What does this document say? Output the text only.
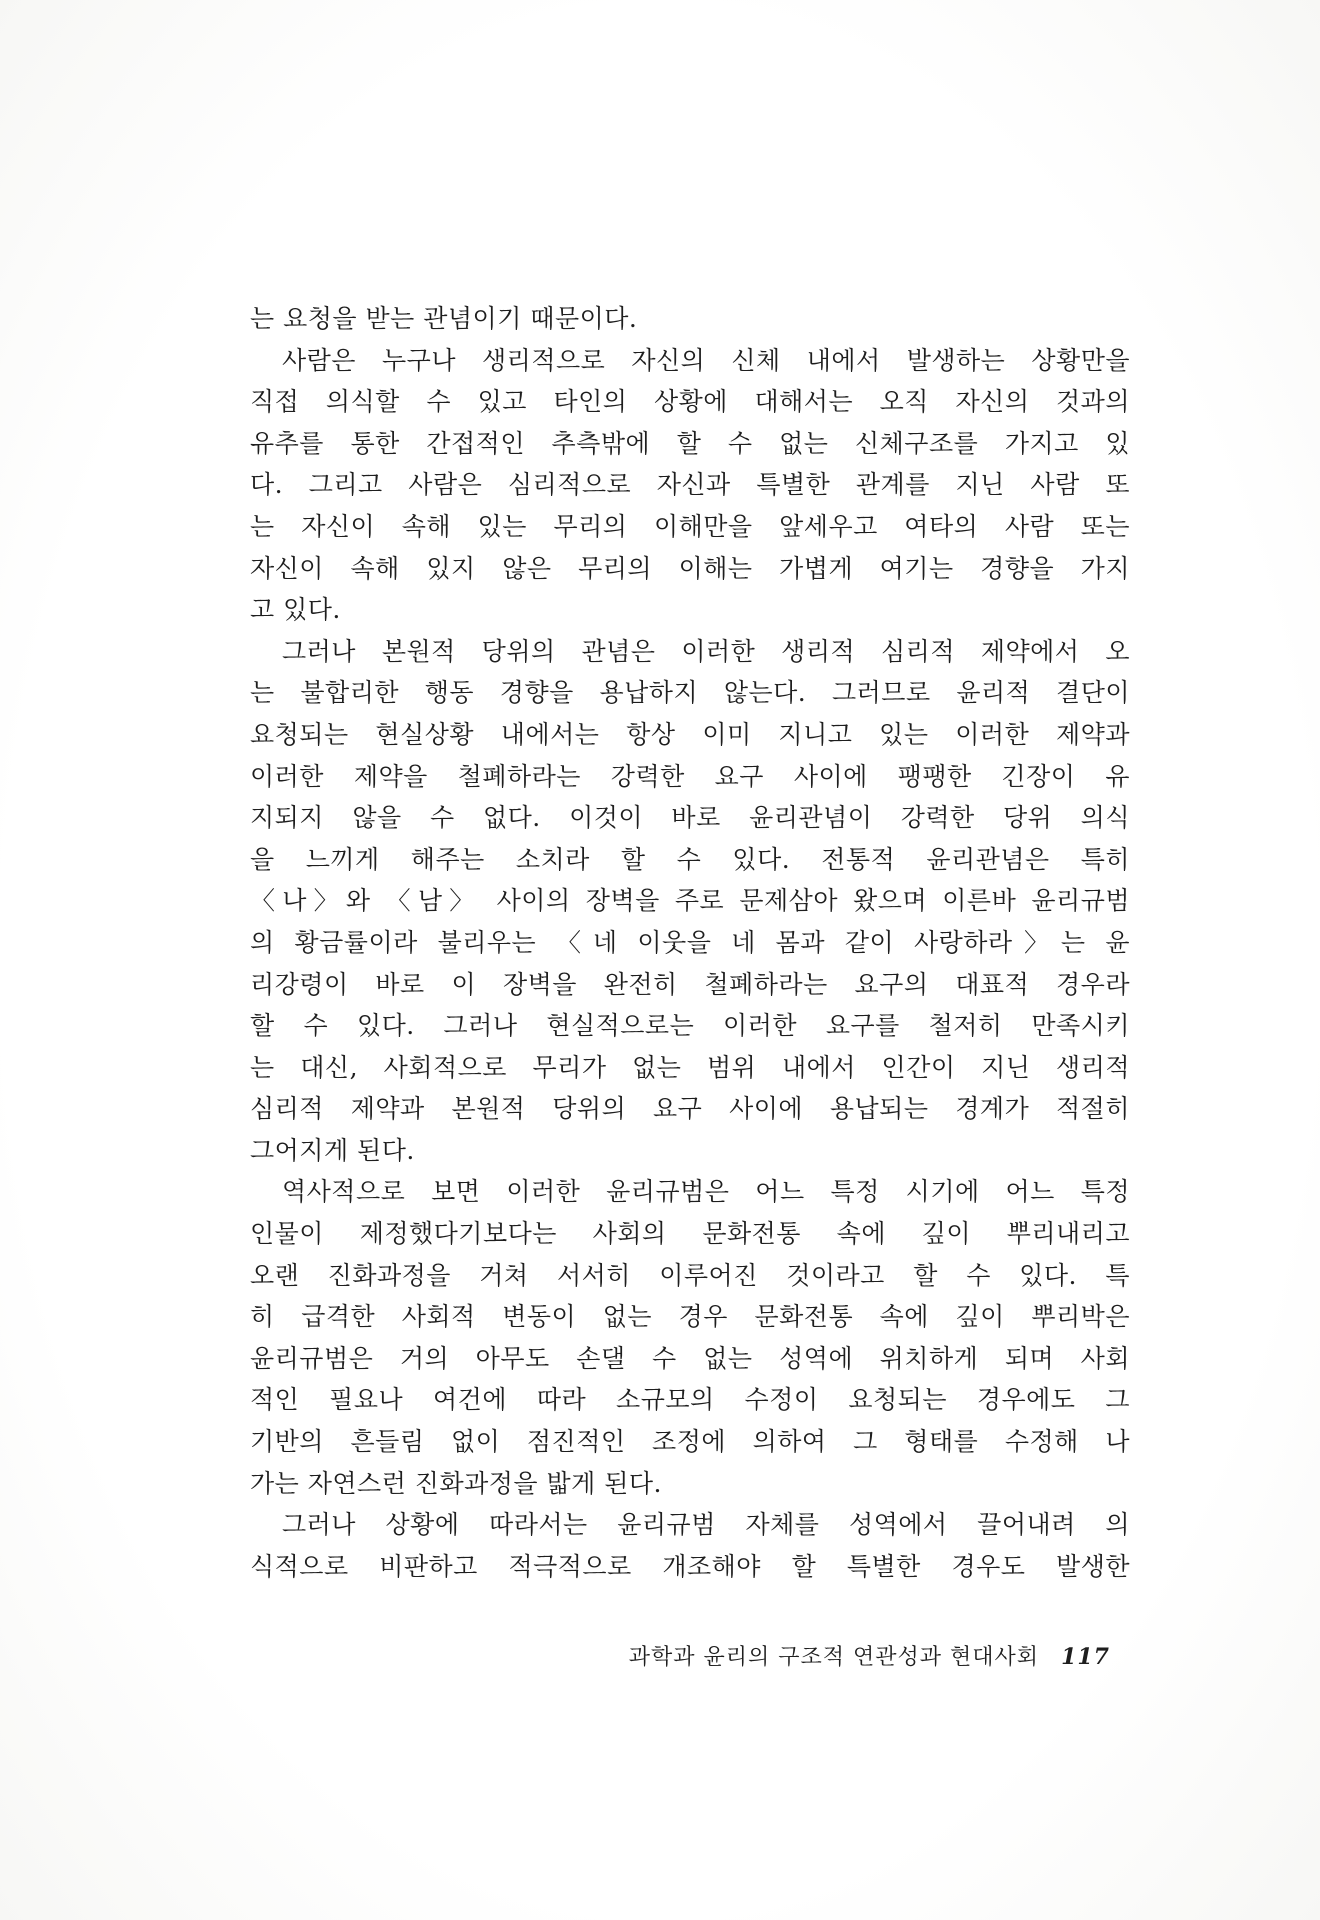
는 요청을 받는 관념이기 때문이다.
사람은 누구나 생리적으로 자신의 신체 내에서 발생하는 상황만을
직접 의식할 수 있고 타인의 상황에 대해서는 오직 자신의 것과의
유추를 통한 간접적인 추측밖에 할 수 없는 신체구조를 가지고 있
다. 그리고 사람은 심리적으로 자신과 특별한 관계를 지닌 사람 또
는 자신이 속해 있는 무리의 이해만을 앞세우고 여타의 사람 또는
자신이 속해 있지 않은 무리의 이해는 가볍게 여기는 경향을 가지
고 있다.
그러나 본원적 당위의 관념은 이러한 생리적 심리적 제약에서 오
는 불합리한 행동 경향을 용납하지 않는다. 그러므로 윤리적 결단이
요청되는 현실상황 내에서는 항상 이미 지니고 있는 이러한 제약과
이러한 제약을 철폐하라는 강력한 요구 사이에 팽팽한 긴장이 유
지되지 않을 수 없다. 이것이 바로 윤리관념이 강력한 당위 의식
을 느끼게 해주는 소치라 할 수 있다. 전통적 윤리관념은 특히
〈나〉와 〈남〉 사이의 장벽을 주로 문제삼아 왔으며 이른바 윤리규범
의 황금률이라 불리우는 〈네 이웃을 네 몸과 같이 사랑하라〉는 윤
리강령이 바로 이 장벽을 완전히 철폐하라는 요구의 대표적 경우라
할 수 있다. 그러나 현실적으로는 이러한 요구를 철저히 만족시키
는 대신, 사회적으로 무리가 없는 범위 내에서 인간이 지닌 생리적
심리적 제약과 본원적 당위의 요구 사이에 용납되는 경계가 적절히
그어지게 된다.
역사적으로 보면 이러한 윤리규범은 어느 특정 시기에 어느 특정
인물이 제정했다기보다는 사회의 문화전통 속에 깊이 뿌리내리고
오랜 진화과정을 거쳐 서서히 이루어진 것이라고 할 수 있다. 특
히 급격한 사회적 변동이 없는 경우 문화전통 속에 깊이 뿌리박은
윤리규범은 거의 아무도 손댈 수 없는 성역에 위치하게 되며 사회
적인 필요나 여건에 따라 소규모의 수정이 요청되는 경우에도 그
기반의 흔들림 없이 점진적인 조정에 의하여 그 형태를 수정해 나
가는 자연스런 진화과정을 밟게 된다.
그러나 상황에 따라서는 윤리규범 자체를 성역에서 끌어내려 의
식적으로 비판하고 적극적으로 개조해야 할 특별한 경우도 발생한
과학과 윤리의 구조적 연관성과 현대사회 117
